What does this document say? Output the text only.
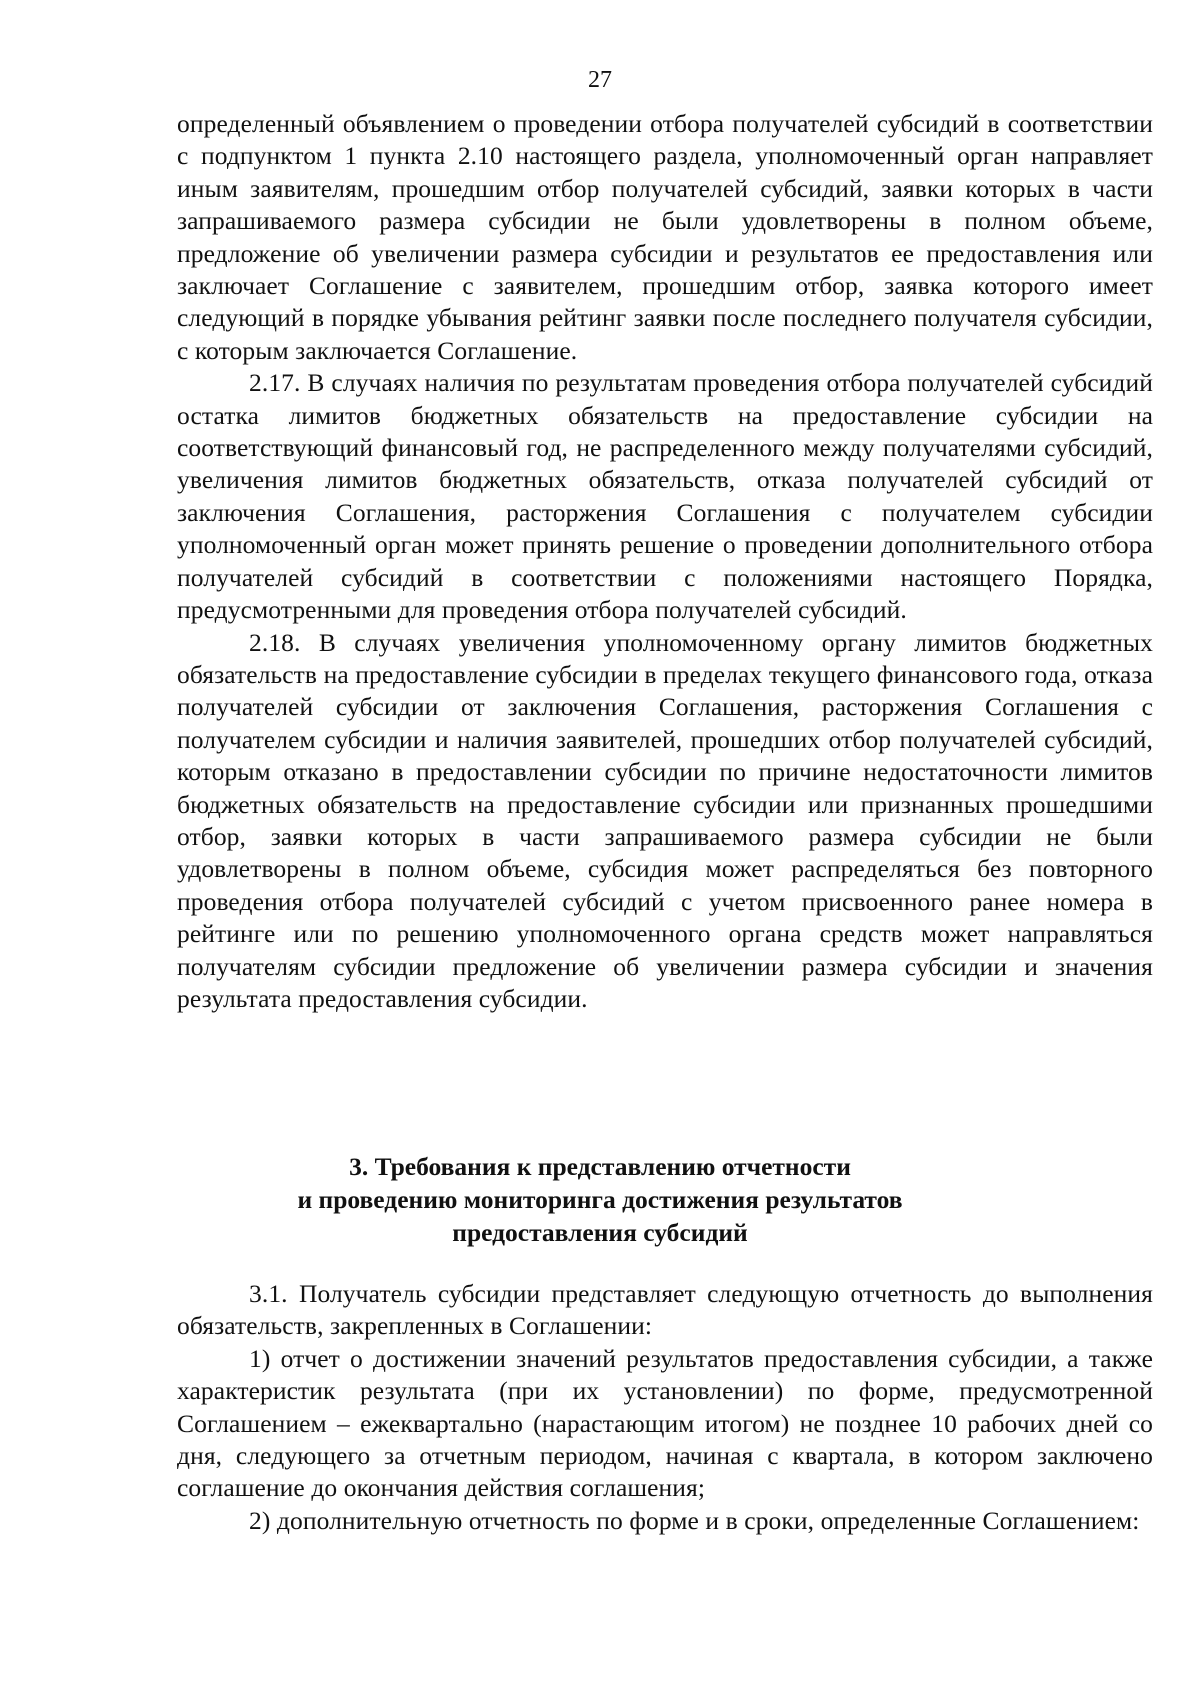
27

определенный объявлением о проведении отбора получателей субсидий в соответствии с подпунктом 1 пункта 2.10 настоящего раздела, уполномоченный орган направляет иным заявителям, прошедшим отбор получателей субсидий, заявки которых в части запрашиваемого размера субсидии не были удовлетворены в полном объеме, предложение об увеличении размера субсидии и результатов ее предоставления или заключает Соглашение с заявителем, прошедшим отбор, заявка которого имеет следующий в порядке убывания рейтинг заявки после последнего получателя субсидии, с которым заключается Соглашение.

2.17. В случаях наличия по результатам проведения отбора получателей субсидий остатка лимитов бюджетных обязательств на предоставление субсидии на соответствующий финансовый год, не распределенного между получателями субсидий, увеличения лимитов бюджетных обязательств, отказа получателей субсидий от заключения Соглашения, расторжения Соглашения с получателем субсидии уполномоченный орган может принять решение о проведении дополнительного отбора получателей субсидий в соответствии с положениями настоящего Порядка, предусмотренными для проведения отбора получателей субсидий.

2.18. В случаях увеличения уполномоченному органу лимитов бюджетных обязательств на предоставление субсидии в пределах текущего финансового года, отказа получателей субсидии от заключения Соглашения, расторжения Соглашения с получателем субсидии и наличия заявителей, прошедших отбор получателей субсидий, которым отказано в предоставлении субсидии по причине недостаточности лимитов бюджетных обязательств на предоставление субсидии или признанных прошедшими отбор, заявки которых в части запрашиваемого размера субсидии не были удовлетворены в полном объеме, субсидия может распределяться без повторного проведения отбора получателей субсидий с учетом присвоенного ранее номера в рейтинге или по решению уполномоченного органа средств может направляться получателям субсидии предложение об увеличении размера субсидии и значения результата предоставления субсидии.

3. Требования к представлению отчетности
и проведению мониторинга достижения результатов
предоставления субсидий

3.1. Получатель субсидии представляет следующую отчетность до выполнения обязательств, закрепленных в Соглашении:

1) отчет о достижении значений результатов предоставления субсидии, а также характеристик результата (при их установлении) по форме, предусмотренной Соглашением – ежеквартально (нарастающим итогом) не позднее 10 рабочих дней со дня, следующего за отчетным периодом, начиная с квартала, в котором заключено соглашение до окончания действия соглашения;

2) дополнительную отчетность по форме и в сроки, определенные Соглашением:
